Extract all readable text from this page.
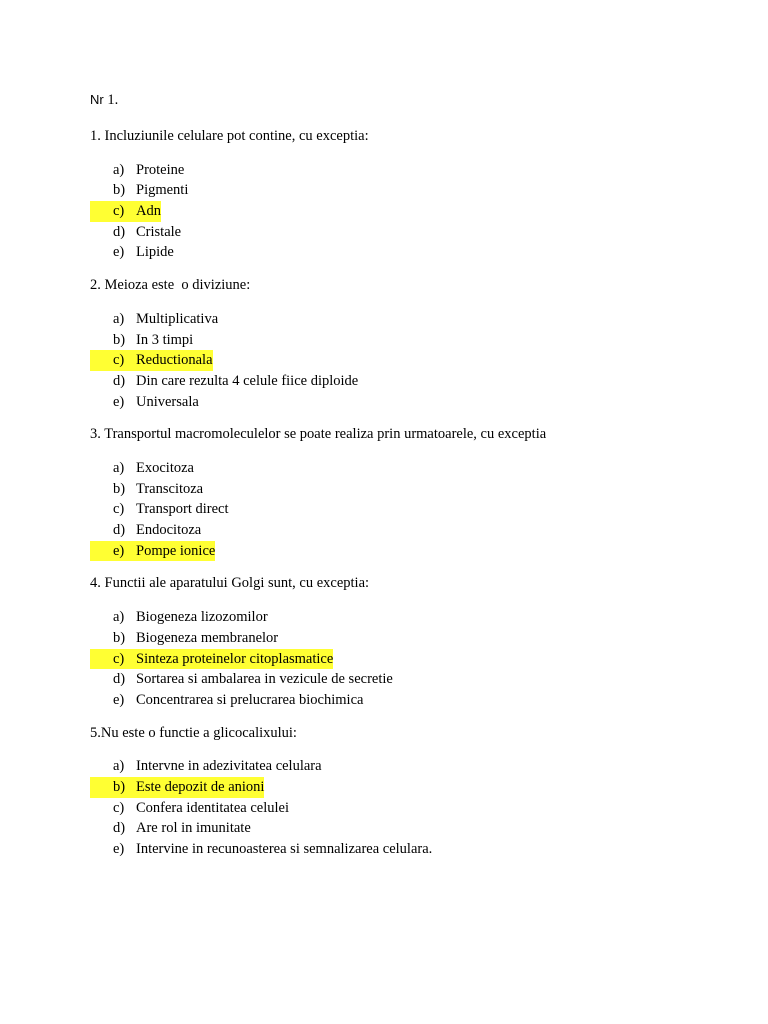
Nr 1.
1. Incluziunile celulare pot contine, cu exceptia:
a) Proteine
b) Pigmenti
c) Adn
d) Cristale
e) Lipide
2. Meioza este  o diviziune:
a) Multiplicativa
b) In 3 timpi
c) Reductionala
d) Din care rezulta 4 celule fiice diploide
e) Universala
3. Transportul macromoleculelor se poate realiza prin urmatoarele, cu exceptia
a) Exocitoza
b) Transcitoza
c) Transport direct
d) Endocitoza
e) Pompe ionice
4. Functii ale aparatului Golgi sunt, cu exceptia:
a) Biogeneza lizozomilor
b) Biogeneza membranelor
c) Sinteza proteinelor citoplasmatice
d) Sortarea si ambalarea in vezicule de secretie
e) Concentrarea si prelucrarea biochimica
5.Nu este o functie a glicocalixului:
a) Intervne in adezivitatea celulara
b) Este depozit de anioni
c) Confera identitatea celulei
d) Are rol in imunitate
e) Intervine in recunoasterea si semnalizarea celulara.
